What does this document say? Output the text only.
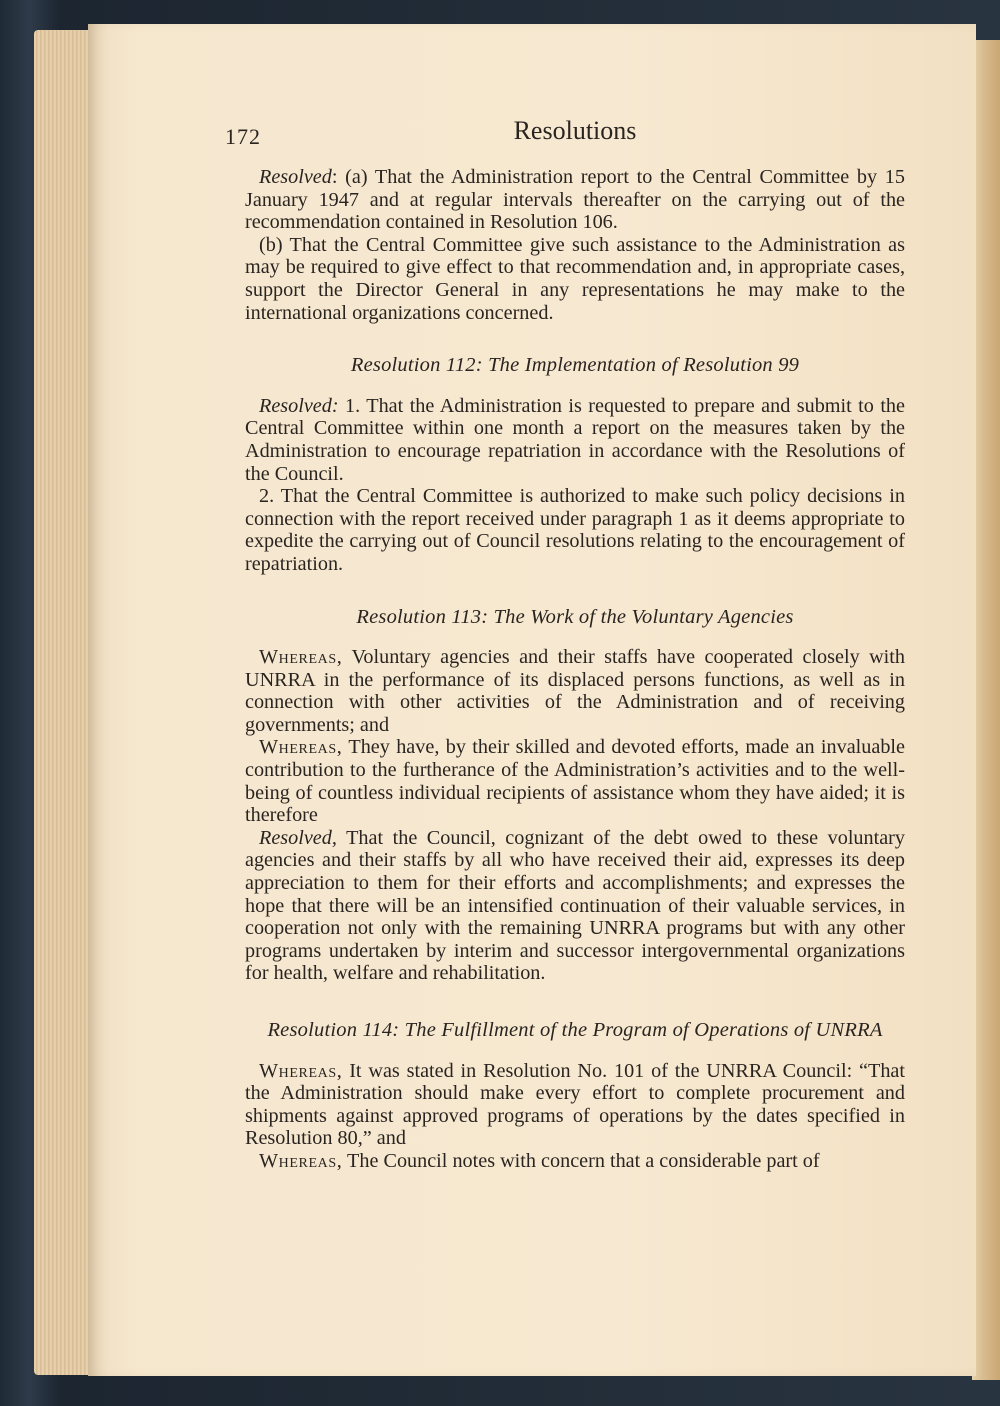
172	Resolutions

Resolved: (a) That the Administration report to the Central Committee by 15 January 1947 and at regular intervals thereafter on the carrying out of the recommendation contained in Resolution 106.

(b) That the Central Committee give such assistance to the Administration as may be required to give effect to that recommendation and, in appropriate cases, support the Director General in any representations he may make to the international organizations concerned.

Resolution 112: The Implementation of Resolution 99

Resolved: 1. That the Administration is requested to prepare and submit to the Central Committee within one month a report on the measures taken by the Administration to encourage repatriation in accordance with the Resolutions of the Council.

2. That the Central Committee is authorized to make such policy decisions in connection with the report received under paragraph 1 as it deems appropriate to expedite the carrying out of Council resolutions relating to the encouragement of repatriation.

Resolution 113: The Work of the Voluntary Agencies

Whereas, Voluntary agencies and their staffs have cooperated closely with UNRRA in the performance of its displaced persons functions, as well as in connection with other activities of the Administration and of receiving governments; and

Whereas, They have, by their skilled and devoted efforts, made an invaluable contribution to the furtherance of the Administration’s activities and to the well-being of countless individual recipients of assistance whom they have aided; it is therefore

Resolved, That the Council, cognizant of the debt owed to these voluntary agencies and their staffs by all who have received their aid, expresses its deep appreciation to them for their efforts and accomplishments; and expresses the hope that there will be an intensified continuation of their valuable services, in cooperation not only with the remaining UNRRA programs but with any other programs undertaken by interim and successor intergovernmental organizations for health, welfare and rehabilitation.

Resolution 114: The Fulfillment of the Program of Operations of UNRRA

Whereas, It was stated in Resolution No. 101 of the UNRRA Council: “That the Administration should make every effort to complete procurement and shipments against approved programs of operations by the dates specified in Resolution 80,” and

Whereas, The Council notes with concern that a considerable part of
